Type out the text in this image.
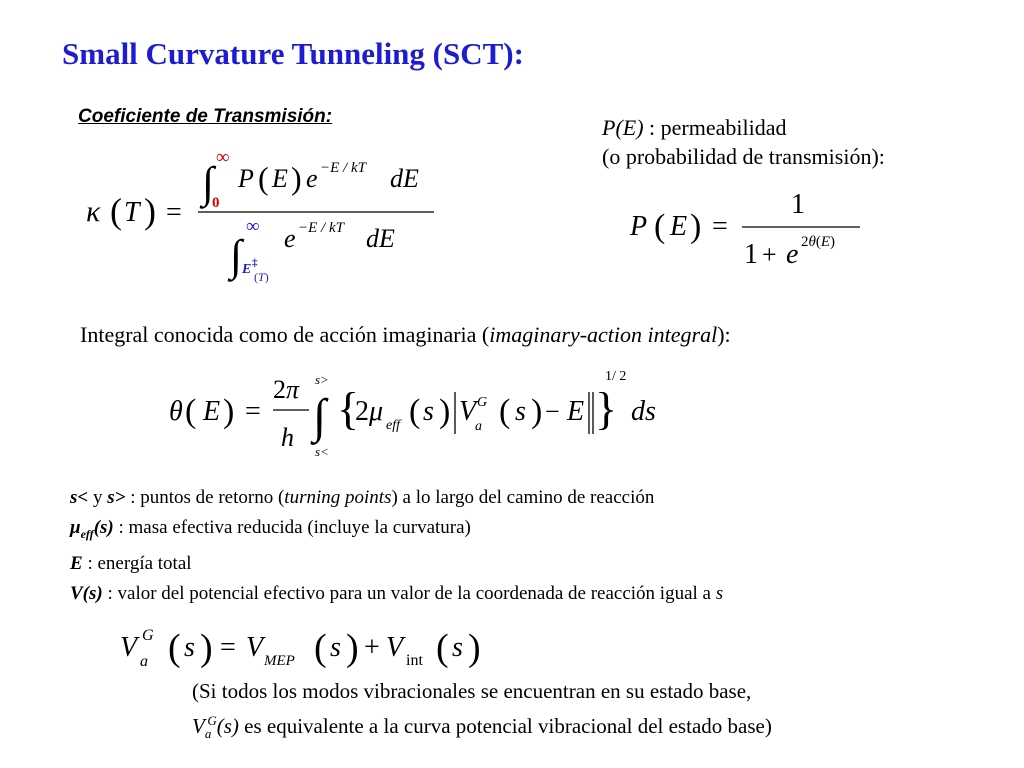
Small Curvature Tunneling (SCT):
Coeficiente de Transmisión:
κ ( T ) =
∫
∞
0
P ( E ) e −E / kT dE
∫
∞
E ‡
(T)
e −E / kT dE
P(E) : permeabilidad
(o probabilidad de transmisión):
P ( E ) =
1
1 + e 2θ(E)
Integral conocida como de acción imaginaria (imaginary-action integral):
θ ( E ) =
2π
h ∫
s>
s<
{
2μ eff ( s ) V G
a ( s ) − E }
1/ 2
ds
s< y s> : puntos de retorno (turning points) a lo largo del camino de reacción
$\mu_{eff}(s)$ : masa efectiva reducida (incluye la curvatura)
E : energía total
V(s) : valor del potencial efectivo para un valor de la coordenada de reacción igual a s
V G
a ( s ) = V MEP ( s ) + V int ( s )
(Si todos los modos vibracionales se encuentran en su estado base,
$V_a^G(s)$ es equivalente a la curva potencial vibracional del estado base)
